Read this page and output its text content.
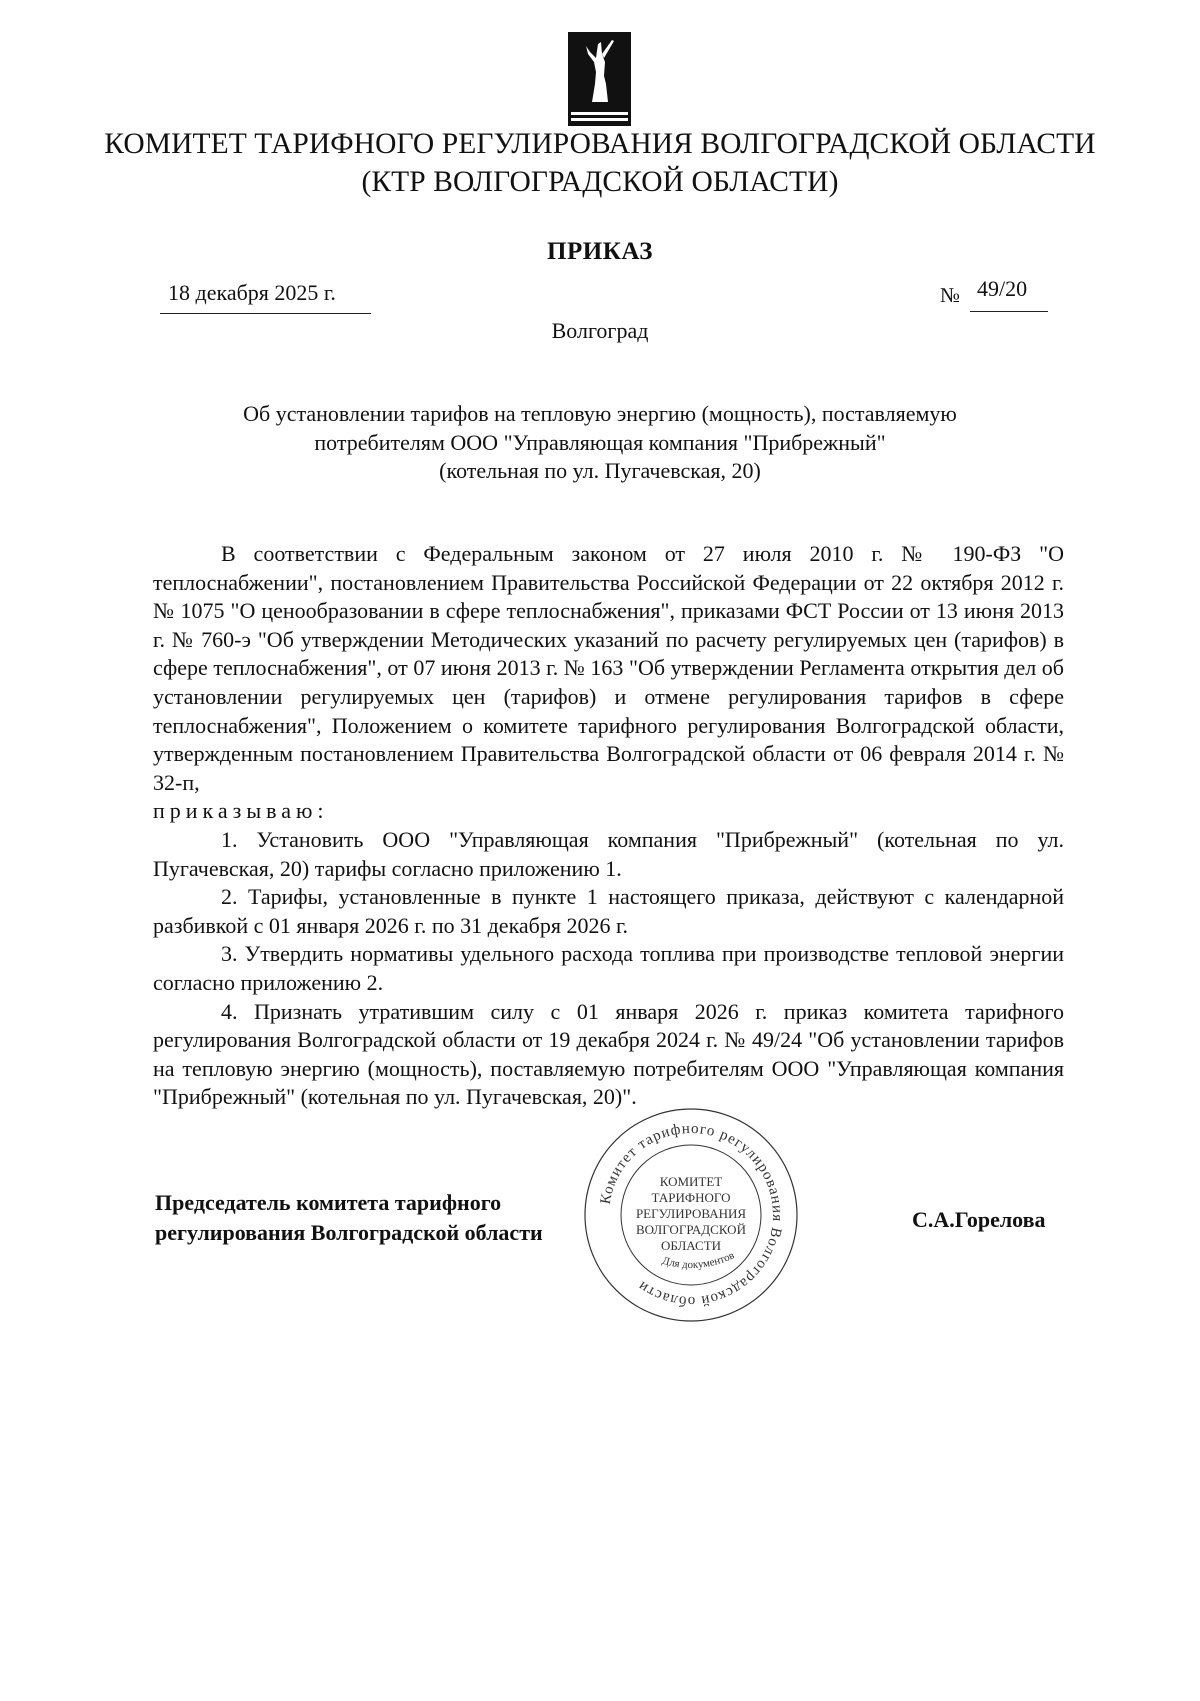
КОМИТЕТ ТАРИФНОГО РЕГУЛИРОВАНИЯ ВОЛГОГРАДСКОЙ ОБЛАСТИ
(КТР ВОЛГОГРАДСКОЙ ОБЛАСТИ)
ПРИКАЗ
18 декабря 2025 г.	№ 49/20
Волгоград
Об установлении тарифов на тепловую энергию (мощность), поставляемую
потребителям ООО "Управляющая компания "Прибрежный"
(котельная по ул. Пугачевская, 20)

В соответствии с Федеральным законом от 27 июля 2010 г. № 190-ФЗ "О теплоснабжении", постановлением Правительства Российской Федерации от 22 октября 2012 г. № 1075 "О ценообразовании в сфере теплоснабжения", приказами ФСТ России от 13 июня 2013 г. № 760-э "Об утверждении Методических указаний по расчету регулируемых цен (тарифов) в сфере теплоснабжения", от 07 июня 2013 г. № 163 "Об утверждении Регламента открытия дел об установлении регулируемых цен (тарифов) и отмене регулирования тарифов в сфере теплоснабжения", Положением о комитете тарифного регулирования Волгоградской области, утвержденным постановлением Правительства Волгоградской области от 06 февраля 2014 г. № 32-п,

приказываю:

1. Установить ООО "Управляющая компания "Прибрежный" (котельная по ул. Пугачевская, 20) тарифы согласно приложению 1.

2. Тарифы, установленные в пункте 1 настоящего приказа, действуют с календарной разбивкой с 01 января 2026 г. по 31 декабря 2026 г.

3. Утвердить нормативы удельного расхода топлива при производстве тепловой энергии согласно приложению 2.

4. Признать утратившим силу с 01 января 2026 г. приказ комитета тарифного регулирования Волгоградской области от 19 декабря 2024 г. № 49/24 "Об установлении тарифов на тепловую энергию (мощность), поставляемую потребителям ООО "Управляющая компания "Прибрежный" (котельная по ул. Пугачевская, 20)".

Председатель комитета тарифного
регулирования Волгоградской области
С.А.Горелова
Комитет тарифного регулирования Волгоградской области
КОМИТЕТ
ТАРИФНОГО
РЕГУЛИРОВАНИЯ
ВОЛГОГРАДСКОЙ
ОБЛАСТИ
Для документов
